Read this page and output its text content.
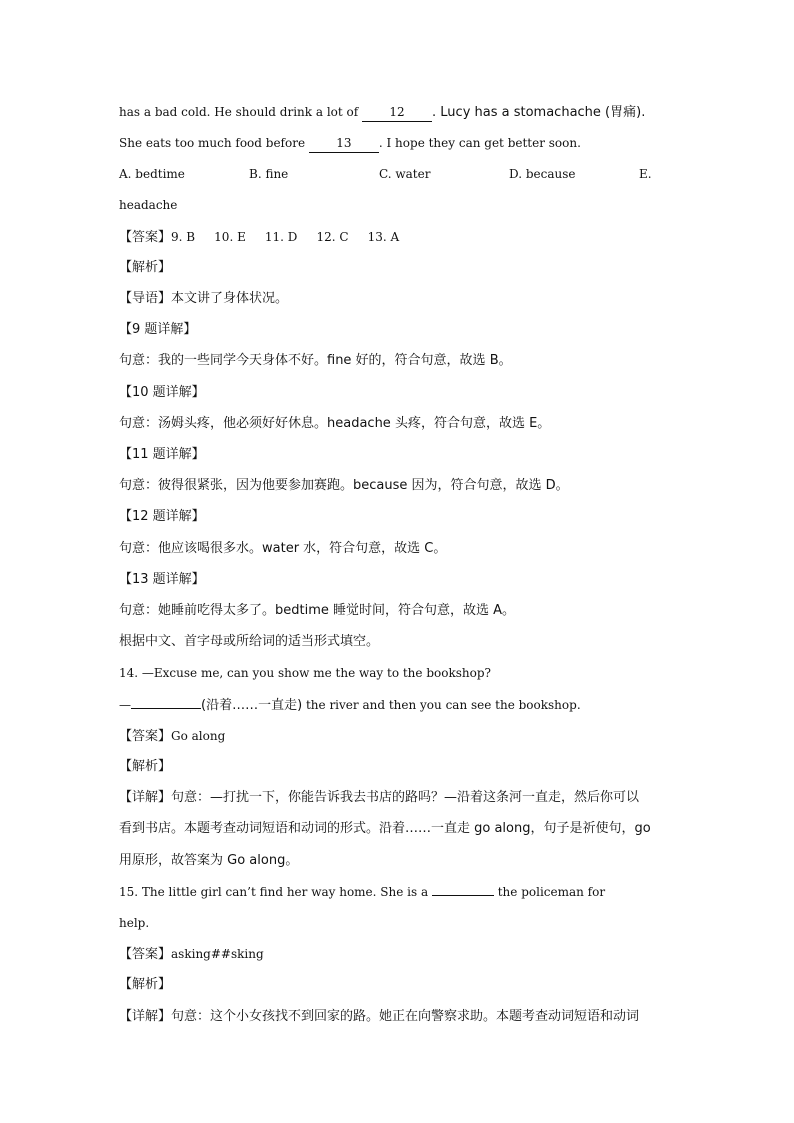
has a bad cold. He should drink a lot of 12 . Lucy has a stomachache (胃痛).
She eats too much food before 13 . I hope they can get better soon.
A. bedtime	B. fine	C. water	D. because	E.
headache
【答案】9. B     10. E     11. D     12. C     13. A
【解析】
【导语】本文讲了身体状况。
【9 题详解】
句意：我的一些同学今天身体不好。fine 好的，符合句意，故选 B。
【10 题详解】
句意：汤姆头疼，他必须好好休息。headache 头疼，符合句意，故选 E。
【11 题详解】
句意：彼得很紧张，因为他要参加赛跑。because 因为，符合句意，故选 D。
【12 题详解】
句意：他应该喝很多水。water 水，符合句意，故选 C。
【13 题详解】
句意：她睡前吃得太多了。bedtime 睡觉时间，符合句意，故选 A。
根据中文、首字母或所给词的适当形式填空。
14. —Excuse me, can you show me the way to the bookshop?
—	(沿着……一直走) the river and then you can see the bookshop.
【答案】Go along
【解析】
【详解】句意：—打扰一下，你能告诉我去书店的路吗？—沿着这条河一直走，然后你可以
看到书店。本题考查动词短语和动词的形式。沿着……一直走 go along，句子是祈使句，go
用原形，故答案为 Go along。
15. The little girl can’t find her way home. She is a	the policeman for
help.
【答案】asking##sking
【解析】
【详解】句意：这个小女孩找不到回家的路。她正在向警察求助。本题考查动词短语和动词
